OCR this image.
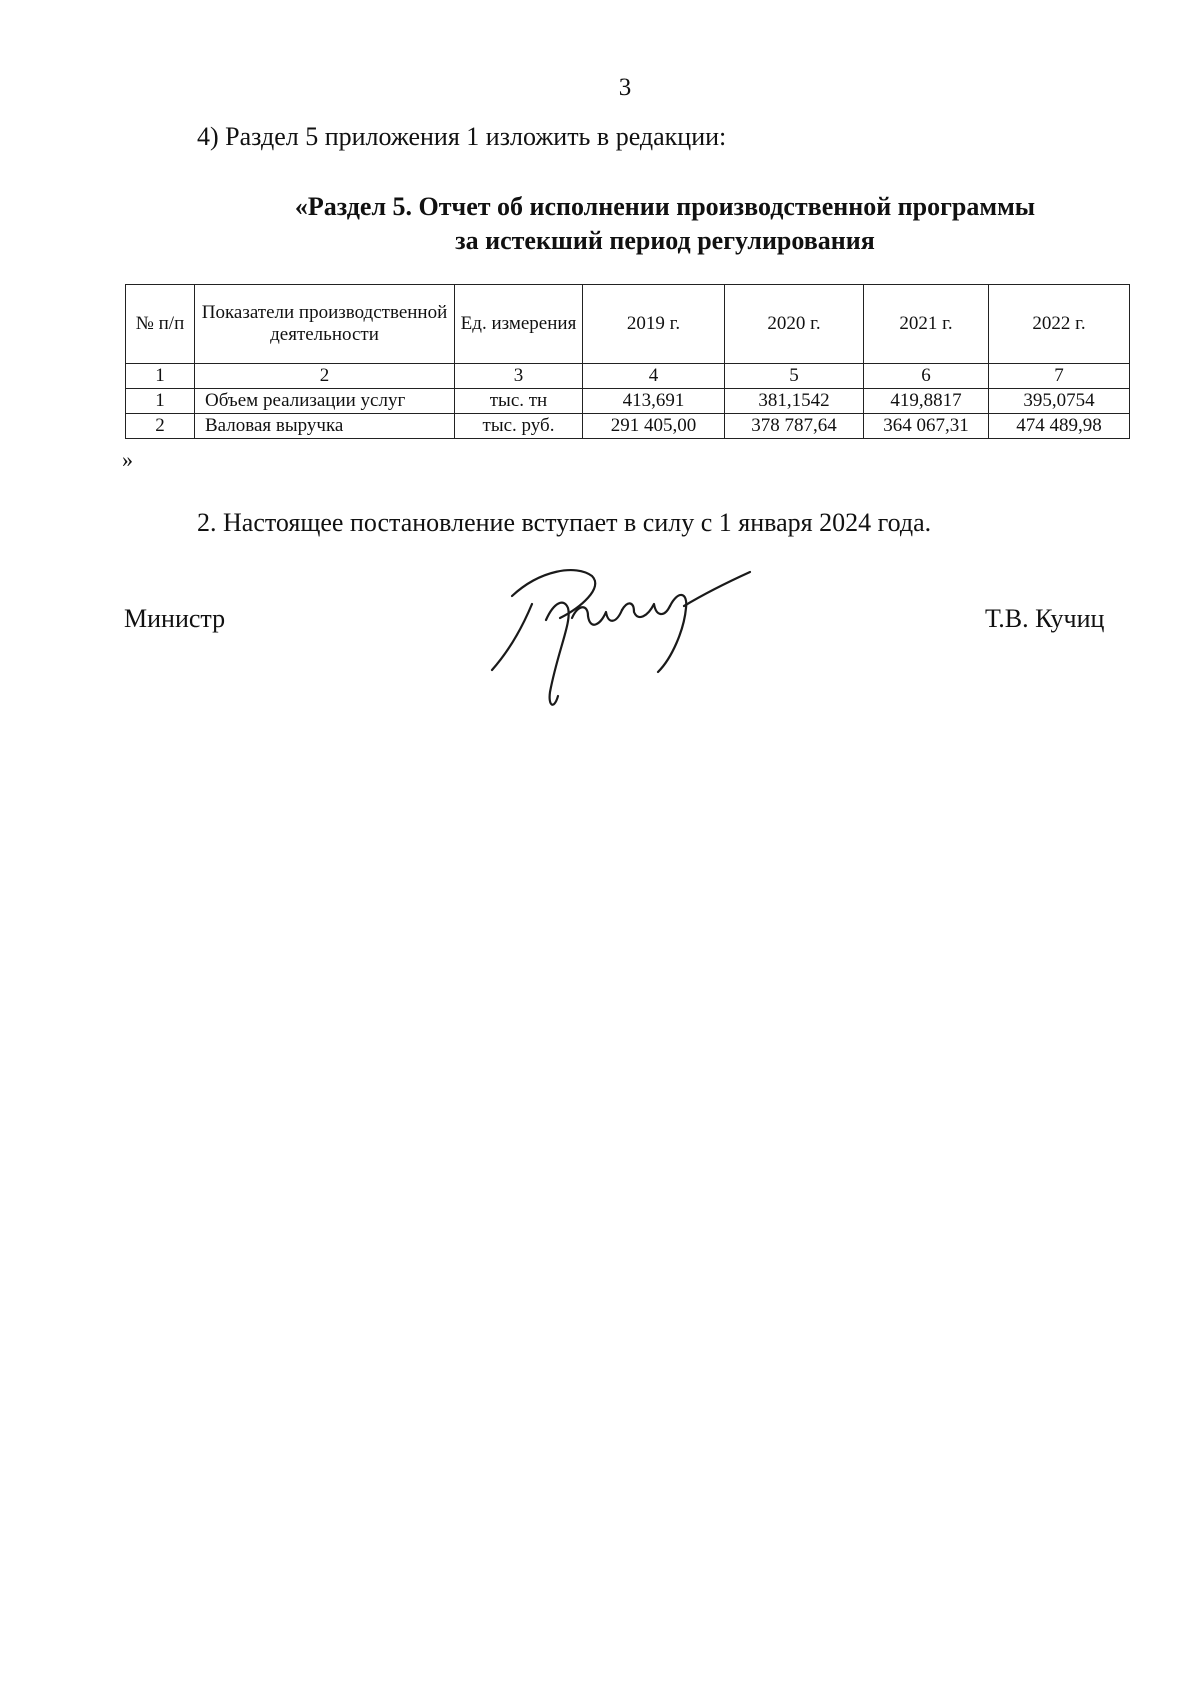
3
4) Раздел 5 приложения 1 изложить в редакции:
«Раздел 5. Отчет об исполнении производственной программы
за истекший период регулирования
№ п/п	Показатели производственной деятельности	Ед. измерения	2019 г.	2020 г.	2021 г.	2022 г.
1	2	3	4	5	6	7
1	Объем реализации услуг	тыс. тн	413,691	381,1542	419,8817	395,0754
2	Валовая выручка	тыс. руб.	291 405,00	378 787,64	364 067,31	474 489,98
»
2. Настоящее постановление вступает в силу с 1 января 2024 года.
Министр	Т.В. Кучиц
